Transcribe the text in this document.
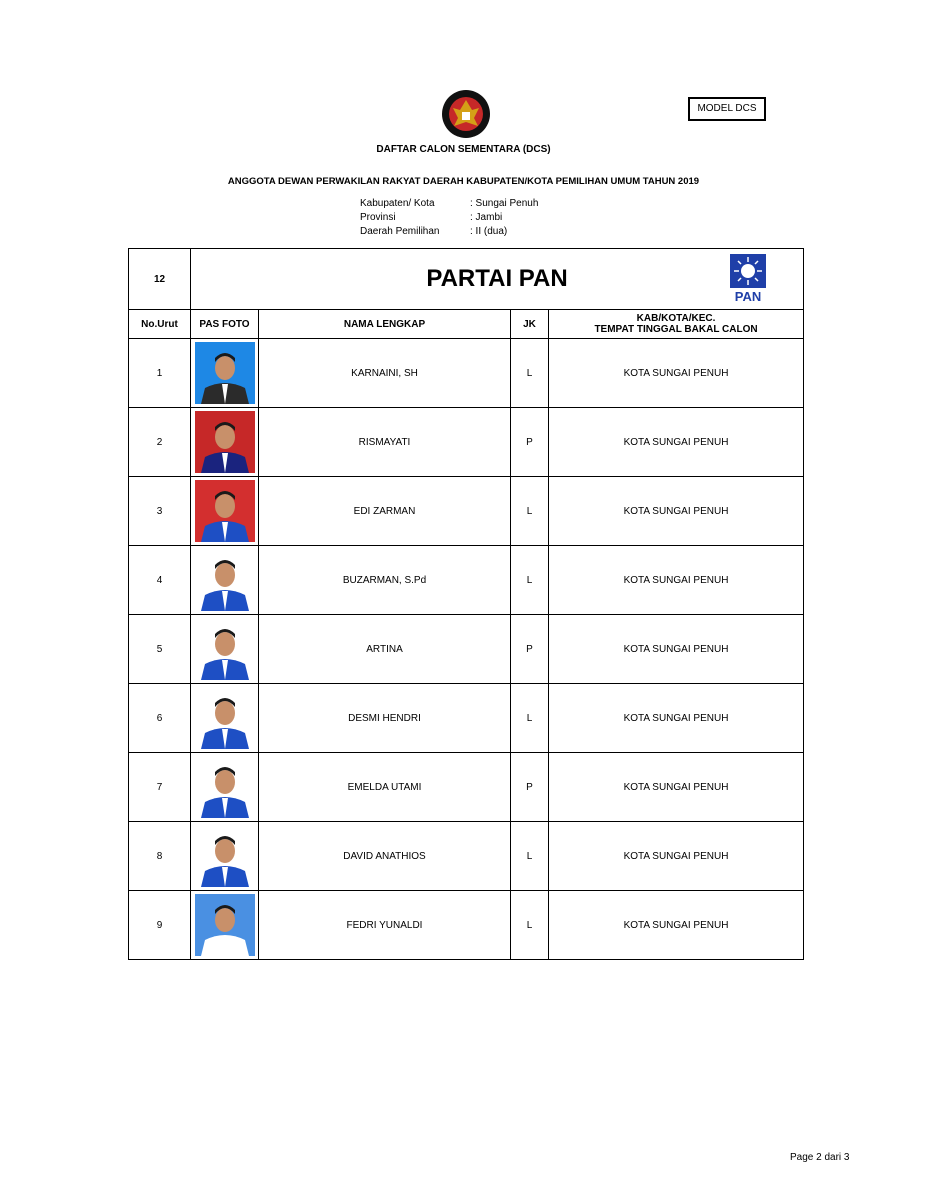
MODEL DCS
DAFTAR CALON SEMENTARA (DCS)
ANGGOTA DEWAN PERWAKILAN RAKYAT DAERAH KABUPATEN/KOTA PEMILIHAN UMUM TAHUN 2019
Kabupaten/ Kota	: Sungai Penuh
Provinsi	: Jambi
Daerah Pemilihan	: II (dua)
12	PARTAI PAN
PAN			

No.Urut	PAS FOTO	NAMA LENGKAP	JK	KAB/KOTA/KEC.
TEMPAT TINGGAL BAKAL CALON

1		KARNAINI, SH	L	KOTA SUNGAI PENUH
2		RISMAYATI	P	KOTA SUNGAI PENUH
3		EDI ZARMAN	L	KOTA SUNGAI PENUH
4		BUZARMAN, S.Pd	L	KOTA SUNGAI PENUH
5		ARTINA	P	KOTA SUNGAI PENUH
6		DESMI HENDRI	L	KOTA SUNGAI PENUH
7		EMELDA UTAMI	P	KOTA SUNGAI PENUH
8		DAVID ANATHIOS	L	KOTA SUNGAI PENUH
9		FEDRI YUNALDI	L	KOTA SUNGAI PENUH
Page 2 dari 3
